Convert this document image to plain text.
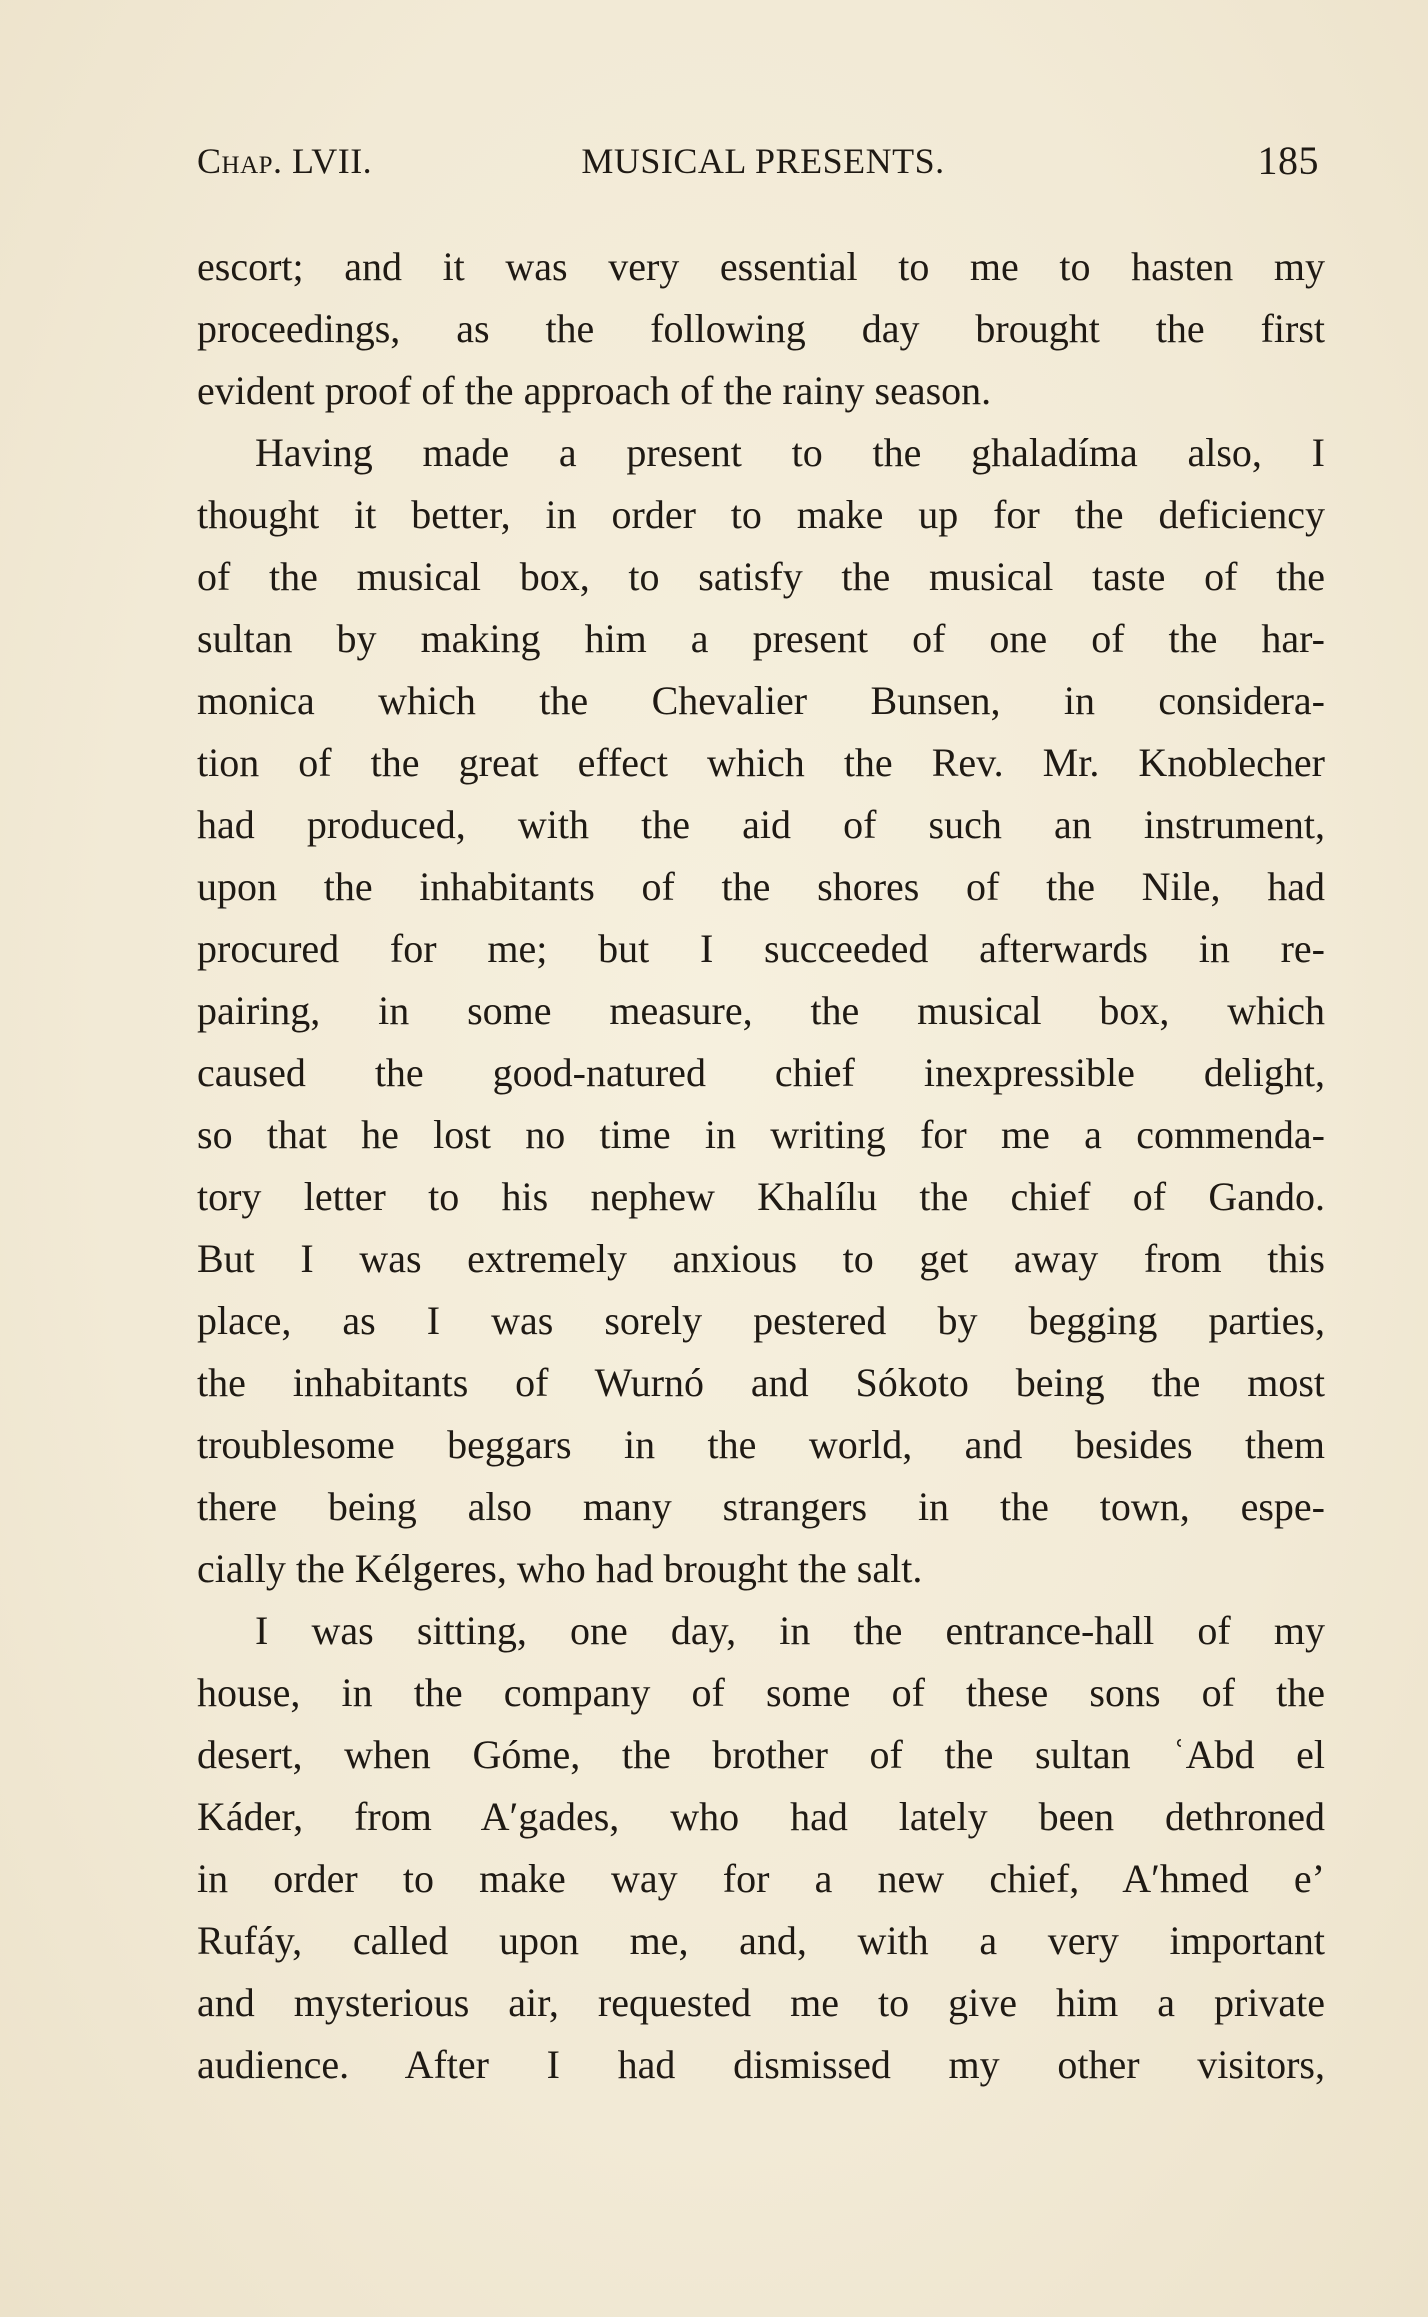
Chap. LVII.	MUSICAL PRESENTS.	185
escort; and it was very essential to me to hasten my
proceedings, as the following day brought the first
evident proof of the approach of the rainy season.
Having made a present to the ghaladíma also, I
thought it better, in order to make up for the deficiency
of the musical box, to satisfy the musical taste of the
sultan by making him a present of one of the har-
monica which the Chevalier Bunsen, in considera-
tion of the great effect which the Rev. Mr. Knoblecher
had produced, with the aid of such an instrument,
upon the inhabitants of the shores of the Nile, had
procured for me; but I succeeded afterwards in re-
pairing, in some measure, the musical box, which
caused the good-natured chief inexpressible delight,
so that he lost no time in writing for me a commenda-
tory letter to his nephew Khalílu the chief of Gando.
But I was extremely anxious to get away from this
place, as I was sorely pestered by begging parties,
the inhabitants of Wurnó and Sókoto being the most
troublesome beggars in the world, and besides them
there being also many strangers in the town, espe-
cially the Kélgeres, who had brought the salt.
I was sitting, one day, in the entrance-hall of my
house, in the company of some of these sons of the
desert, when Góme, the brother of the sultan ʿAbd el
Káder, from A′gades, who had lately been dethroned
in order to make way for a new chief, A′hmed e’
Rufáy, called upon me, and, with a very important
and mysterious air, requested me to give him a private
audience. After I had dismissed my other visitors,
